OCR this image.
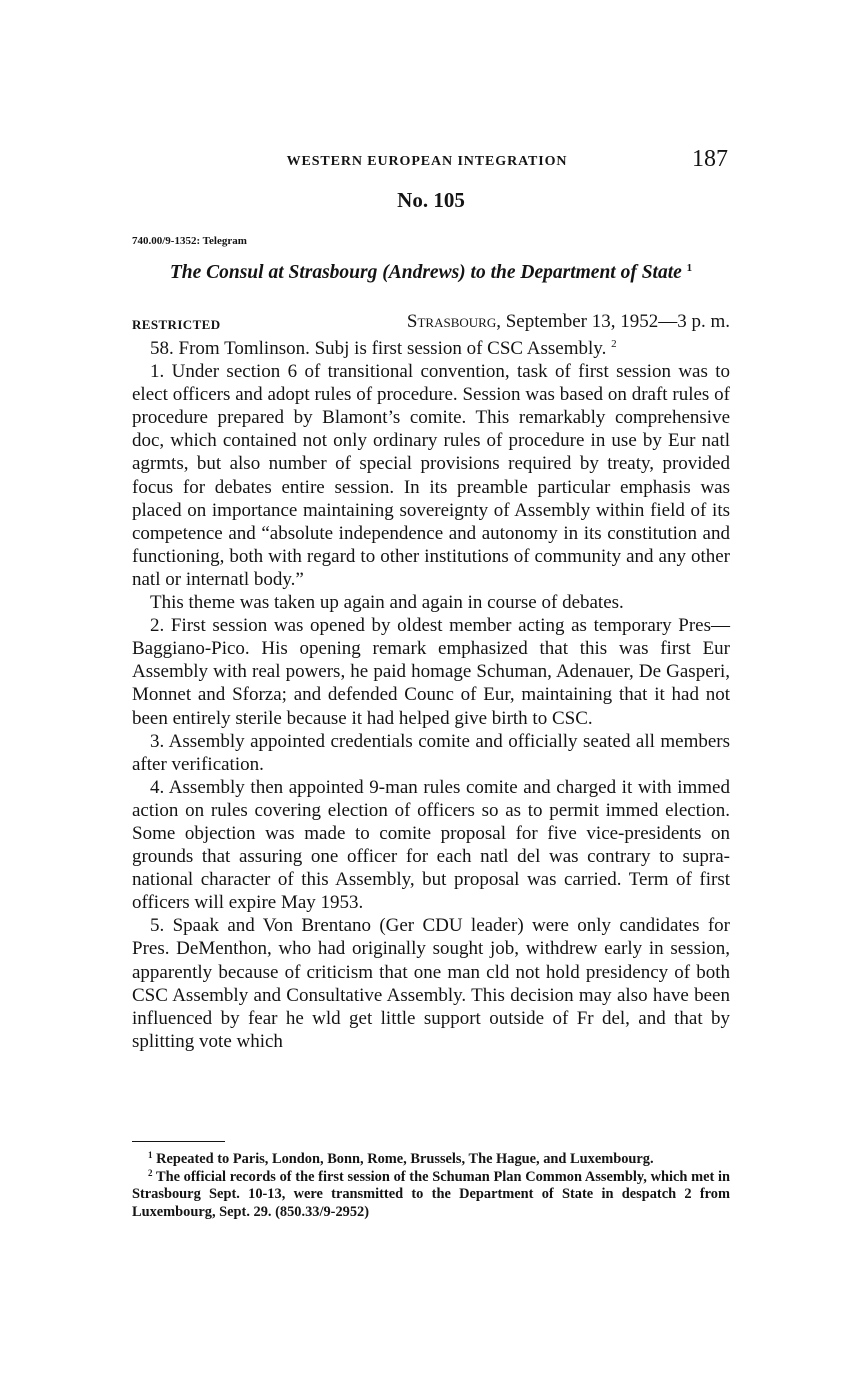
WESTERN EUROPEAN INTEGRATION	187
No. 105
740.00/9-1352: Telegram
The Consul at Strasbourg (Andrews) to the Department of State $^1$
RESTRICTED	Strasbourg, September 13, 1952—3 p. m.

58. From Tomlinson. Subj is first session of CSC Assembly. $^2$

1. Under section 6 of transitional convention, task of first session was to elect officers and adopt rules of procedure. Session was based on draft rules of procedure prepared by Blamont’s comite. This remarkably comprehensive doc, which contained not only ordinary rules of procedure in use by Eur natl agrmts, but also number of special provisions required by treaty, provided focus for debates entire session. In its preamble particular emphasis was placed on importance maintaining sovereignty of Assembly within field of its competence and “absolute independence and autonomy in its constitution and functioning, both with regard to other institutions of community and any other natl or internatl body.”

This theme was taken up again and again in course of debates.

2. First session was opened by oldest member acting as temporary Pres—Baggiano-Pico. His opening remark emphasized that this was first Eur Assembly with real powers, he paid homage Schuman, Adenauer, De Gasperi, Monnet and Sforza; and defended Counc of Eur, maintaining that it had not been entirely sterile because it had helped give birth to CSC.

3. Assembly appointed credentials comite and officially seated all members after verification.

4. Assembly then appointed 9-man rules comite and charged it with immed action on rules covering election of officers so as to permit immed election. Some objection was made to comite proposal for five vice-presidents on grounds that assuring one officer for each natl del was contrary to supra-national character of this Assembly, but proposal was carried. Term of first officers will expire May 1953.

5. Spaak and Von Brentano (Ger CDU leader) were only candidates for Pres. DeMenthon, who had originally sought job, withdrew early in session, apparently because of criticism that one man cld not hold presidency of both CSC Assembly and Consultative Assembly. This decision may also have been influenced by fear he wld get little support outside of Fr del, and that by splitting vote which

$^1$ Repeated to Paris, London, Bonn, Rome, Brussels, The Hague, and Luxembourg.

$^2$ The official records of the first session of the Schuman Plan Common Assembly, which met in Strasbourg Sept. 10-13, were transmitted to the Department of State in despatch 2 from Luxembourg, Sept. 29. (850.33/9-2952)
